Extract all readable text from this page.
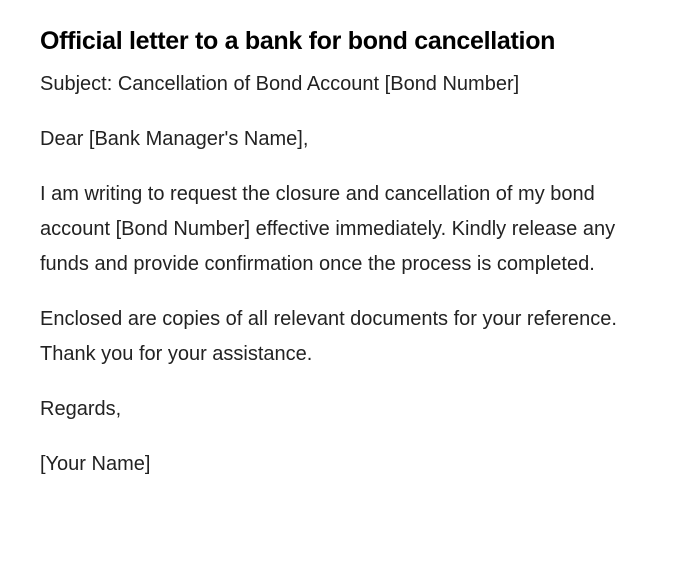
Official letter to a bank for bond cancellation

Subject: Cancellation of Bond Account [Bond Number]

Dear [Bank Manager's Name],

I am writing to request the closure and cancellation of my bond account [Bond Number] effective immediately. Kindly release any funds and provide confirmation once the process is completed.

Enclosed are copies of all relevant documents for your reference. Thank you for your assistance.

Regards,

[Your Name]
